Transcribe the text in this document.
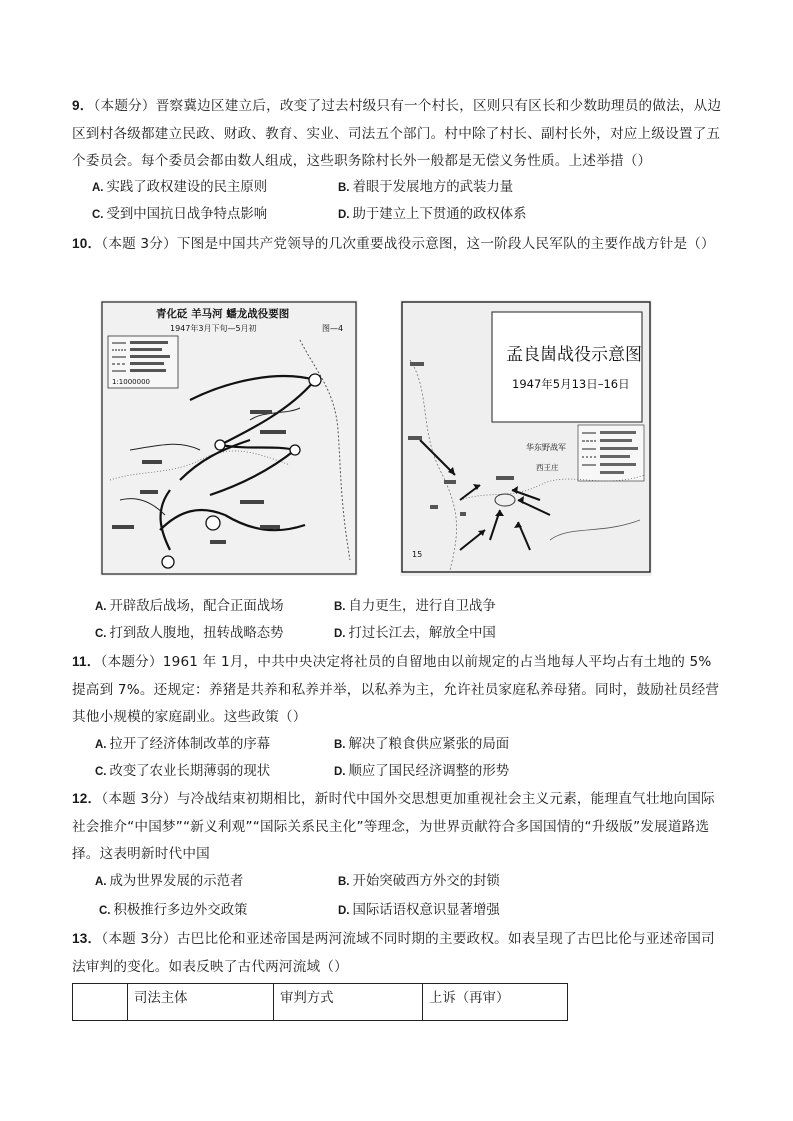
9．（本题分）晋察冀边区建立后，改变了过去村级只有一个村长，区则只有区长和少数助理员的做法，从边区到村各级都建立民政、财政、教育、实业、司法五个部门。村中除了村长、副村长外，对应上级设置了五个委员会。每个委员会都由数人组成，这些职务除村长外一般都是无偿义务性质。上述举措（）

A. 实践了政权建设的民主原则	B. 着眼于发展地方的武装力量
C. 受到中国抗日战争特点影响	D. 助于建立上下贯通的政权体系

10．（本题 3分）下图是中国共产党领导的几次重要战役示意图，这一阶段人民军队的主要作战方针是（）

青化砭 羊马河 蟠龙战役要图
1947年3月下旬—5月初	图—4
1:1000000
孟良崮战役示意图
1947年5月13日–16日
华东野战军
西王庄
15
A. 开辟敌后战场，配合正面战场	B. 自力更生，进行自卫战争
C. 打到敌人腹地，扭转战略态势	D. 打过长江去，解放全中国

11．（本题分）1961 年 1月，中共中央决定将社员的自留地由以前规定的占当地每人平均占有土地的 5%提高到 7%。还规定：养猪是共养和私养并举，以私养为主，允许社员家庭私养母猪。同时，鼓励社员经营其他小规模的家庭副业。这些政策（）

A. 拉开了经济体制改革的序幕	B. 解决了粮食供应紧张的局面
C. 改变了农业长期薄弱的现状	D. 顺应了国民经济调整的形势

12．（本题 3分）与冷战结束初期相比，新时代中国外交思想更加重视社会主义元素，能理直气壮地向国际社会推介“中国梦”“新义利观”“国际关系民主化”等理念，为世界贡献符合多国国情的“升级版”发展道路选择。这表明新时代中国

A. 成为世界发展的示范者	B. 开始突破西方外交的封锁
C. 积极推行多边外交政策	D. 国际话语权意识显著增强

13．（本题 3分）古巴比伦和亚述帝国是两河流域不同时期的主要政权。如表呈现了古巴比伦与亚述帝国司法审判的变化。如表反映了古代两河流域（）

	司法主体	审判方式	上诉（再审）
